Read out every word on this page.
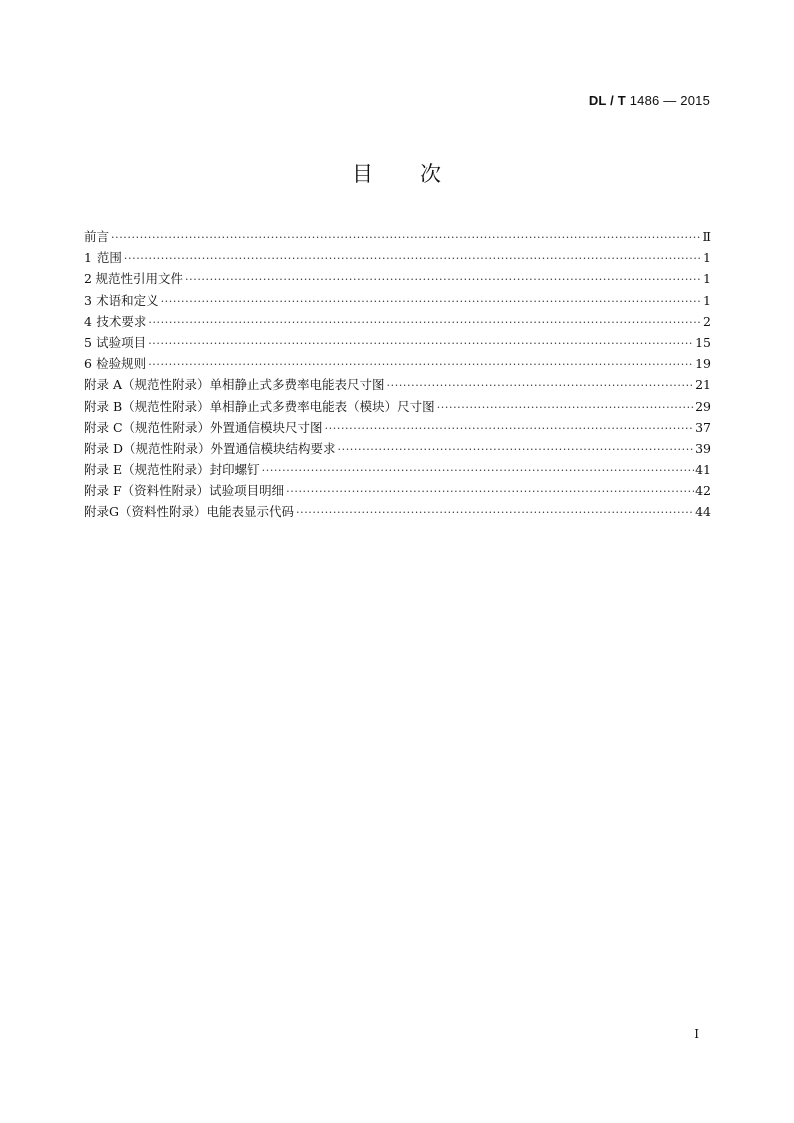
DL / T 1486 — 2015
目 次
前言 ·····	Ⅱ
1 范围 ·····	1
2 规范性引用文件 ·····	1
3 术语和定义 ·····	1
4 技术要求 ·····	2
5 试验项目 ·····	15
6 检验规则 ·····	19
附录 A（规范性附录） 单相静止式多费率电能表尺寸图 ·····	21
附录 B（规范性附录） 单相静止式多费率电能表（模块）尺寸图 ·····	29
附录 C（规范性附录） 外置通信模块尺寸图 ·····	37
附录 D（规范性附录） 外置通信模块结构要求 ·····	39
附录 E（规范性附录） 封印螺钉 ·····	41
附录 F（资料性附录） 试验项目明细 ·····	42
附录G（资料性附录） 电能表显示代码 ·····	44
I
